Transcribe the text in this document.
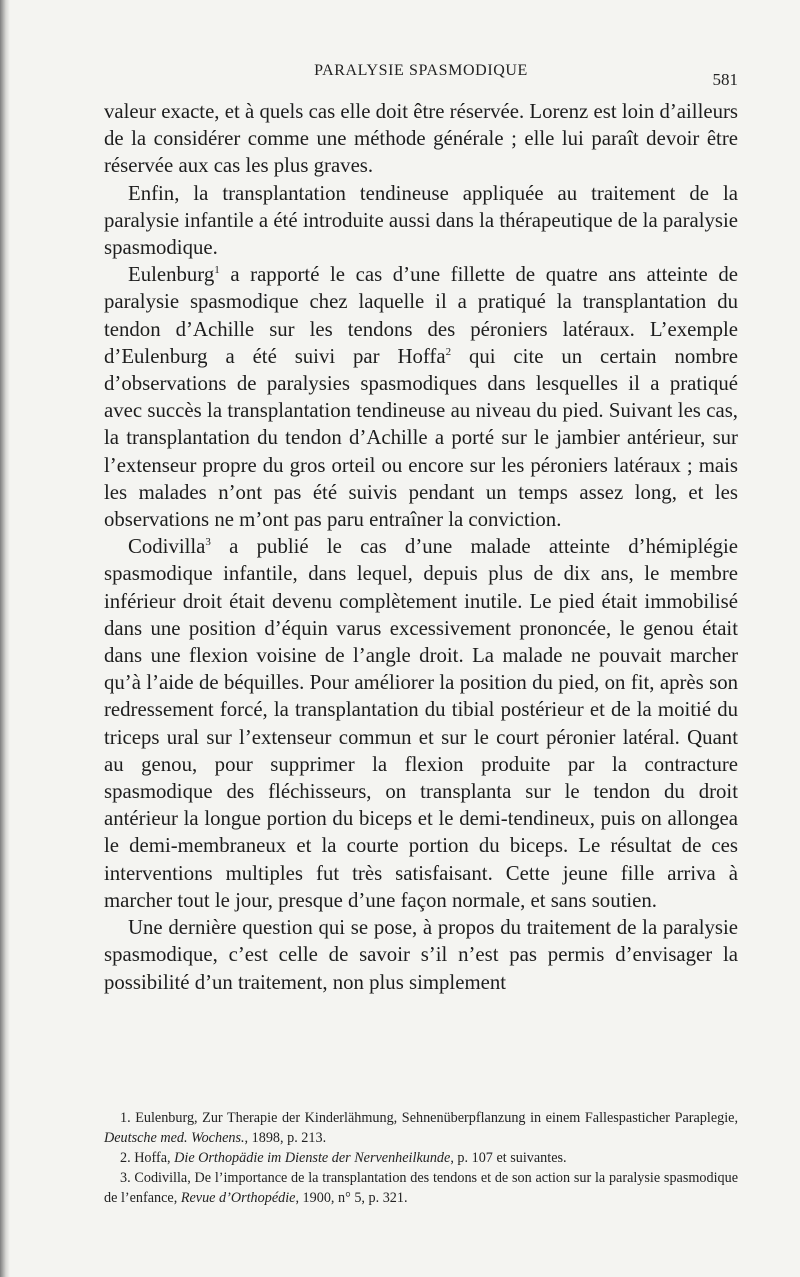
PARALYSIE SPASMODIQUE	581

valeur exacte, et à quels cas elle doit être réservée. Lorenz est loin d’ailleurs de la considérer comme une méthode générale ; elle lui paraît devoir être réservée aux cas les plus graves.

Enfin, la transplantation tendineuse appliquée au traitement de la paralysie infantile a été introduite aussi dans la thérapeutique de la paralysie spasmodique.

Eulenburg$^1$ a rapporté le cas d’une fillette de quatre ans atteinte de paralysie spasmodique chez laquelle il a pratiqué la transplantation du tendon d’Achille sur les tendons des péroniers latéraux. L’exemple d’Eulenburg a été suivi par Hoffa$^2$ qui cite un certain nombre d’observations de paralysies spasmodiques dans lesquelles il a pratiqué avec succès la transplantation tendineuse au niveau du pied. Suivant les cas, la transplantation du tendon d’Achille a porté sur le jambier antérieur, sur l’extenseur propre du gros orteil ou encore sur les péroniers latéraux ; mais les malades n’ont pas été suivis pendant un temps assez long, et les observations ne m’ont pas paru entraîner la conviction.

Codivilla$^3$ a publié le cas d’une malade atteinte d’hémiplégie spasmodique infantile, dans lequel, depuis plus de dix ans, le membre inférieur droit était devenu complètement inutile. Le pied était immobilisé dans une position d’équin varus excessivement prononcée, le genou était dans une flexion voisine de l’angle droit. La malade ne pouvait marcher qu’à l’aide de béquilles. Pour améliorer la position du pied, on fit, après son redressement forcé, la transplantation du tibial postérieur et de la moitié du triceps ural sur l’extenseur commun et sur le court péronier latéral. Quant au genou, pour supprimer la flexion produite par la contracture spasmodique des fléchisseurs, on transplanta sur le tendon du droit antérieur la longue portion du biceps et le demi-tendineux, puis on allongea le demi-membraneux et la courte portion du biceps. Le résultat de ces interventions multiples fut très satisfaisant. Cette jeune fille arriva à marcher tout le jour, presque d’une façon normale, et sans soutien.

Une dernière question qui se pose, à propos du traitement de la paralysie spasmodique, c’est celle de savoir s’il n’est pas permis d’envisager la possibilité d’un traitement, non plus simplement

1. Eulenburg, Zur Therapie der Kinderlähmung, Sehnenüberpflanzung in einem Fallespasticher Paraplegie, Deutsche med. Wochens., 1898, p. 213.

2. Hoffa, Die Orthopädie im Dienste der Nervenheilkunde, p. 107 et suivantes.

3. Codivilla, De l’importance de la transplantation des tendons et de son action sur la paralysie spasmodique de l’enfance, Revue d’Orthopédie, 1900, n° 5, p. 321.
